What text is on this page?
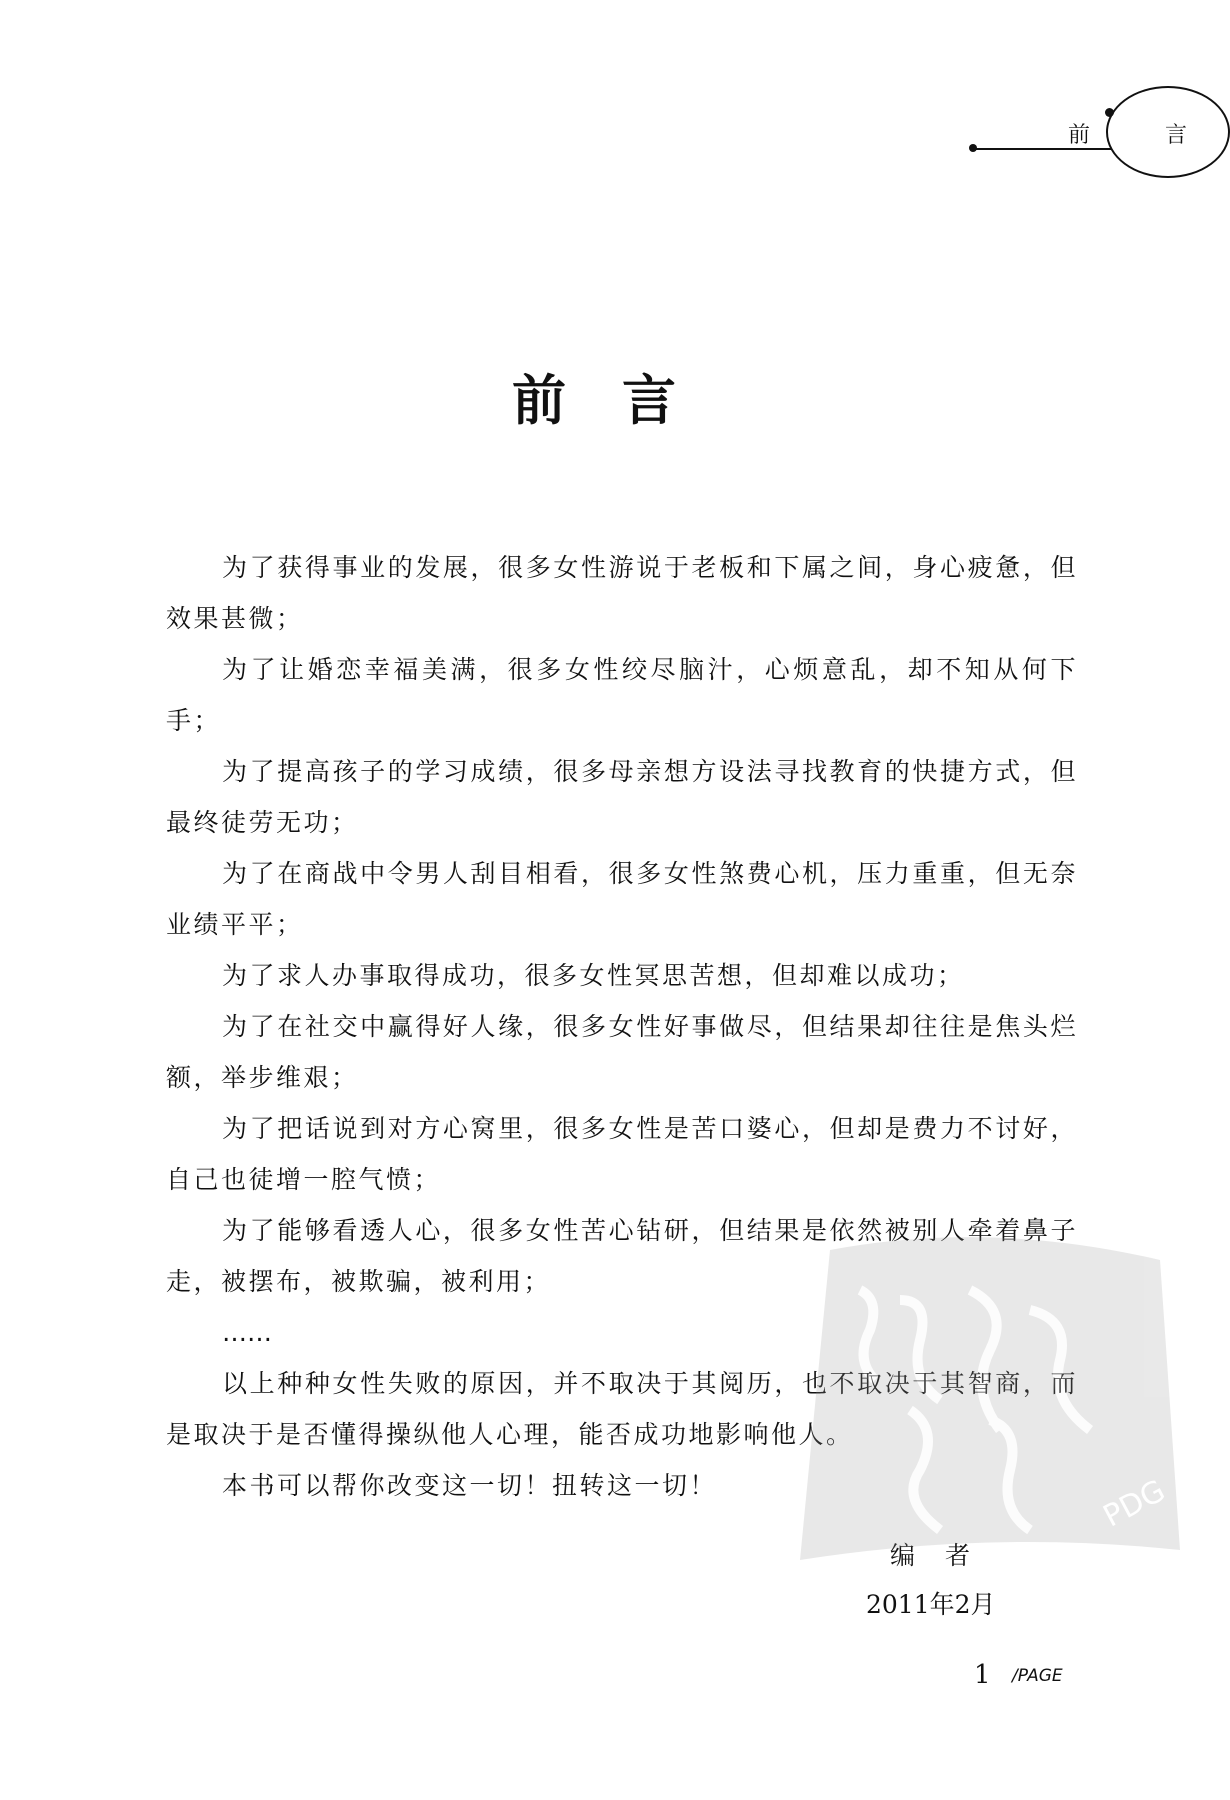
前 言
前言

为了获得事业的发展，很多女性游说于老板和下属之间，身心疲惫，但效果甚微；

为了让婚恋幸福美满，很多女性绞尽脑汁，心烦意乱，却不知从何下手；

为了提高孩子的学习成绩，很多母亲想方设法寻找教育的快捷方式，但最终徒劳无功；

为了在商战中令男人刮目相看，很多女性煞费心机，压力重重，但无奈业绩平平；

为了求人办事取得成功，很多女性冥思苦想，但却难以成功；

为了在社交中赢得好人缘，很多女性好事做尽，但结果却往往是焦头烂额，举步维艰；

为了把话说到对方心窝里，很多女性是苦口婆心，但却是费力不讨好，自己也徒增一腔气愤；

为了能够看透人心，很多女性苦心钻研，但结果是依然被别人牵着鼻子走，被摆布，被欺骗，被利用；

……

以上种种女性失败的原因，并不取决于其阅历，也不取决于其智商，而是取决于是否懂得操纵他人心理，能否成功地影响他人。

本书可以帮你改变这一切！扭转这一切！

编者
2011年2月
1 /PAGE
PDG
